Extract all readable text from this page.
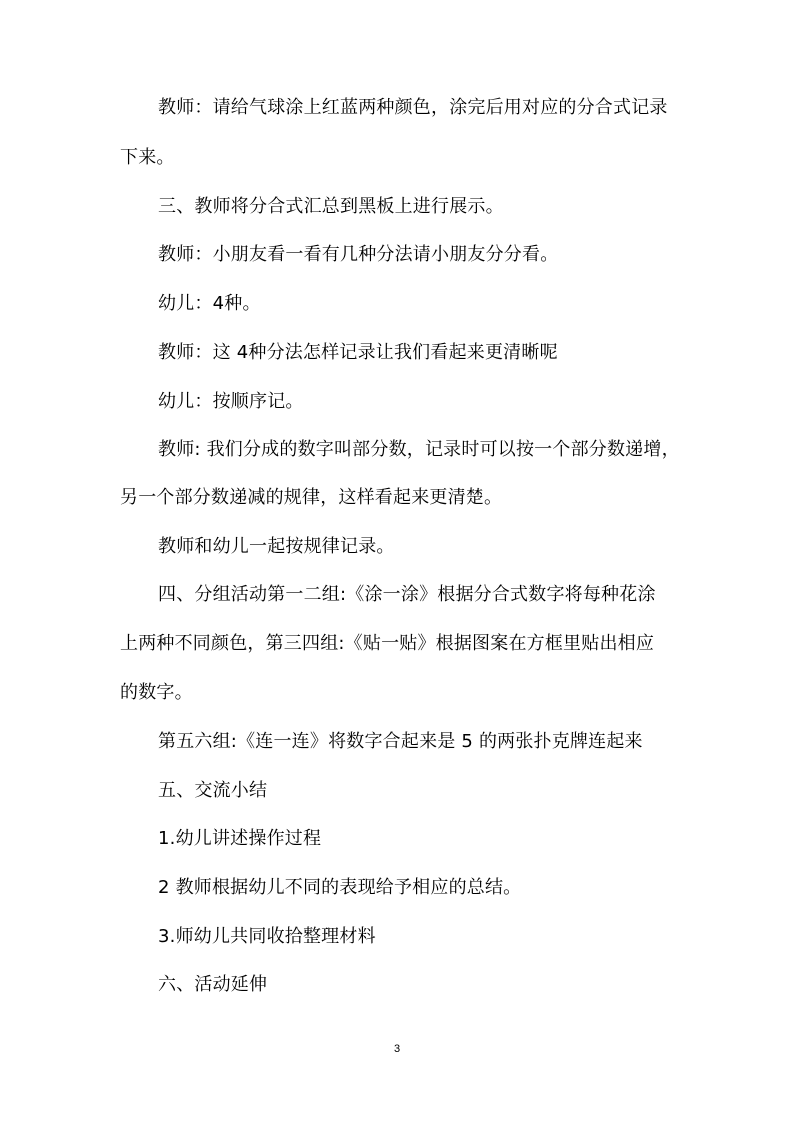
教师：请给气球涂上红蓝两种颜色，涂完后用对应的分合式记录
下来。
三、教师将分合式汇总到黑板上进行展示。
教师：小朋友看一看有几种分法请小朋友分分看。
幼儿：4种。
教师：这 4种分法怎样记录让我们看起来更清晰呢
幼儿：按顺序记。
教师: 我们分成的数字叫部分数，记录时可以按一个部分数递增，
另一个部分数递减的规律，这样看起来更清楚。
教师和幼儿一起按规律记录。
四、分组活动第一二组:《涂一涂》根据分合式数字将每种花涂
上两种不同颜色，第三四组:《贴一贴》根据图案在方框里贴出相应
的数字。
第五六组:《连一连》将数字合起来是 5 的两张扑克牌连起来
五、交流小结
1.幼儿讲述操作过程
2 教师根据幼儿不同的表现给予相应的总结。
3.师幼儿共同收拾整理材料
六、活动延伸
3
